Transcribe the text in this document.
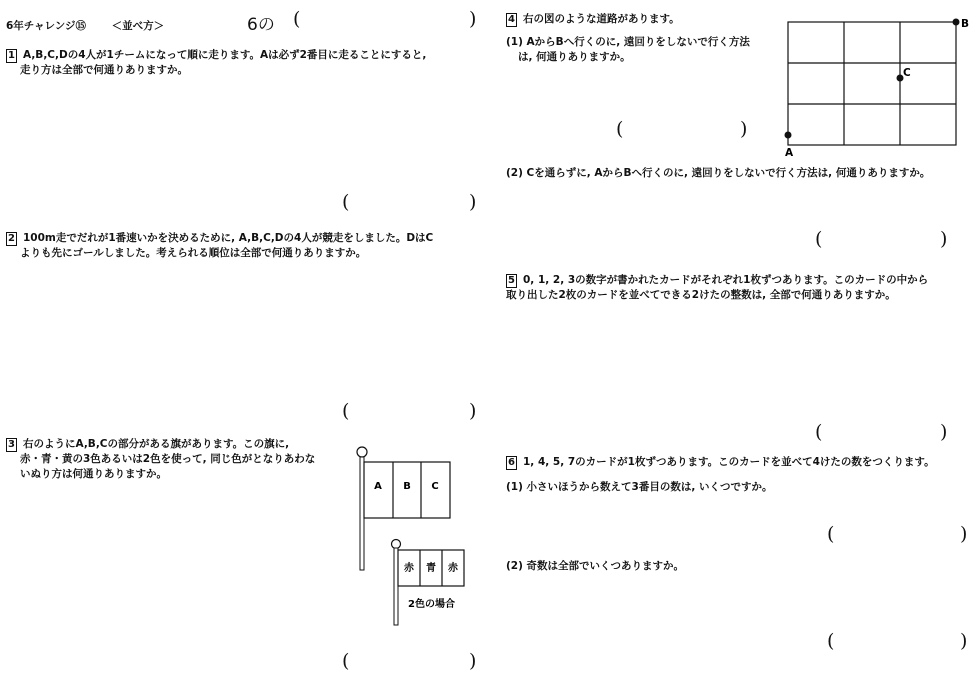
6年チャレンジ⑮ ＜並べ方＞	6の (	)
1 A,B,C,Dの4人が1チームになって順に走ります。Aは必ず2番目に走ることにすると,
走り方は全部で何通りありますか。
(	)
2 100m走でだれが1番速いかを決めるために, A,B,C,Dの4人が競走をしました。DはC
よりも先にゴールしました。考えられる順位は全部で何通りありますか。
(	)
3 右のようにA,B,Cの部分がある旗があります。この旗に,
赤・青・黄の3色あるいは2色を使って, 同じ色がとなりあわな
いぬり方は何通りありますか。
A B C
赤 青 赤
2色の場合
(	)
4 右の図のような道路があります。
(1) AからBへ行くのに, 遠回りをしないで行く方法
は, 何通りありますか。
(	)
A
B
C
(2) Cを通らずに, AからBへ行くのに, 遠回りをしないで行く方法は, 何通りありますか。
(	)
5 0, 1, 2, 3の数字が書かれたカードがそれぞれ1枚ずつあります。このカードの中から
取り出した2枚のカードを並べてできる2けたの整数は, 全部で何通りありますか。
(	)
6 1, 4, 5, 7のカードが1枚ずつあります。このカードを並べて4けたの数をつくります。
(1) 小さいほうから数えて3番目の数は, いくつですか。
(	)
(2) 奇数は全部でいくつありますか。
(	)
